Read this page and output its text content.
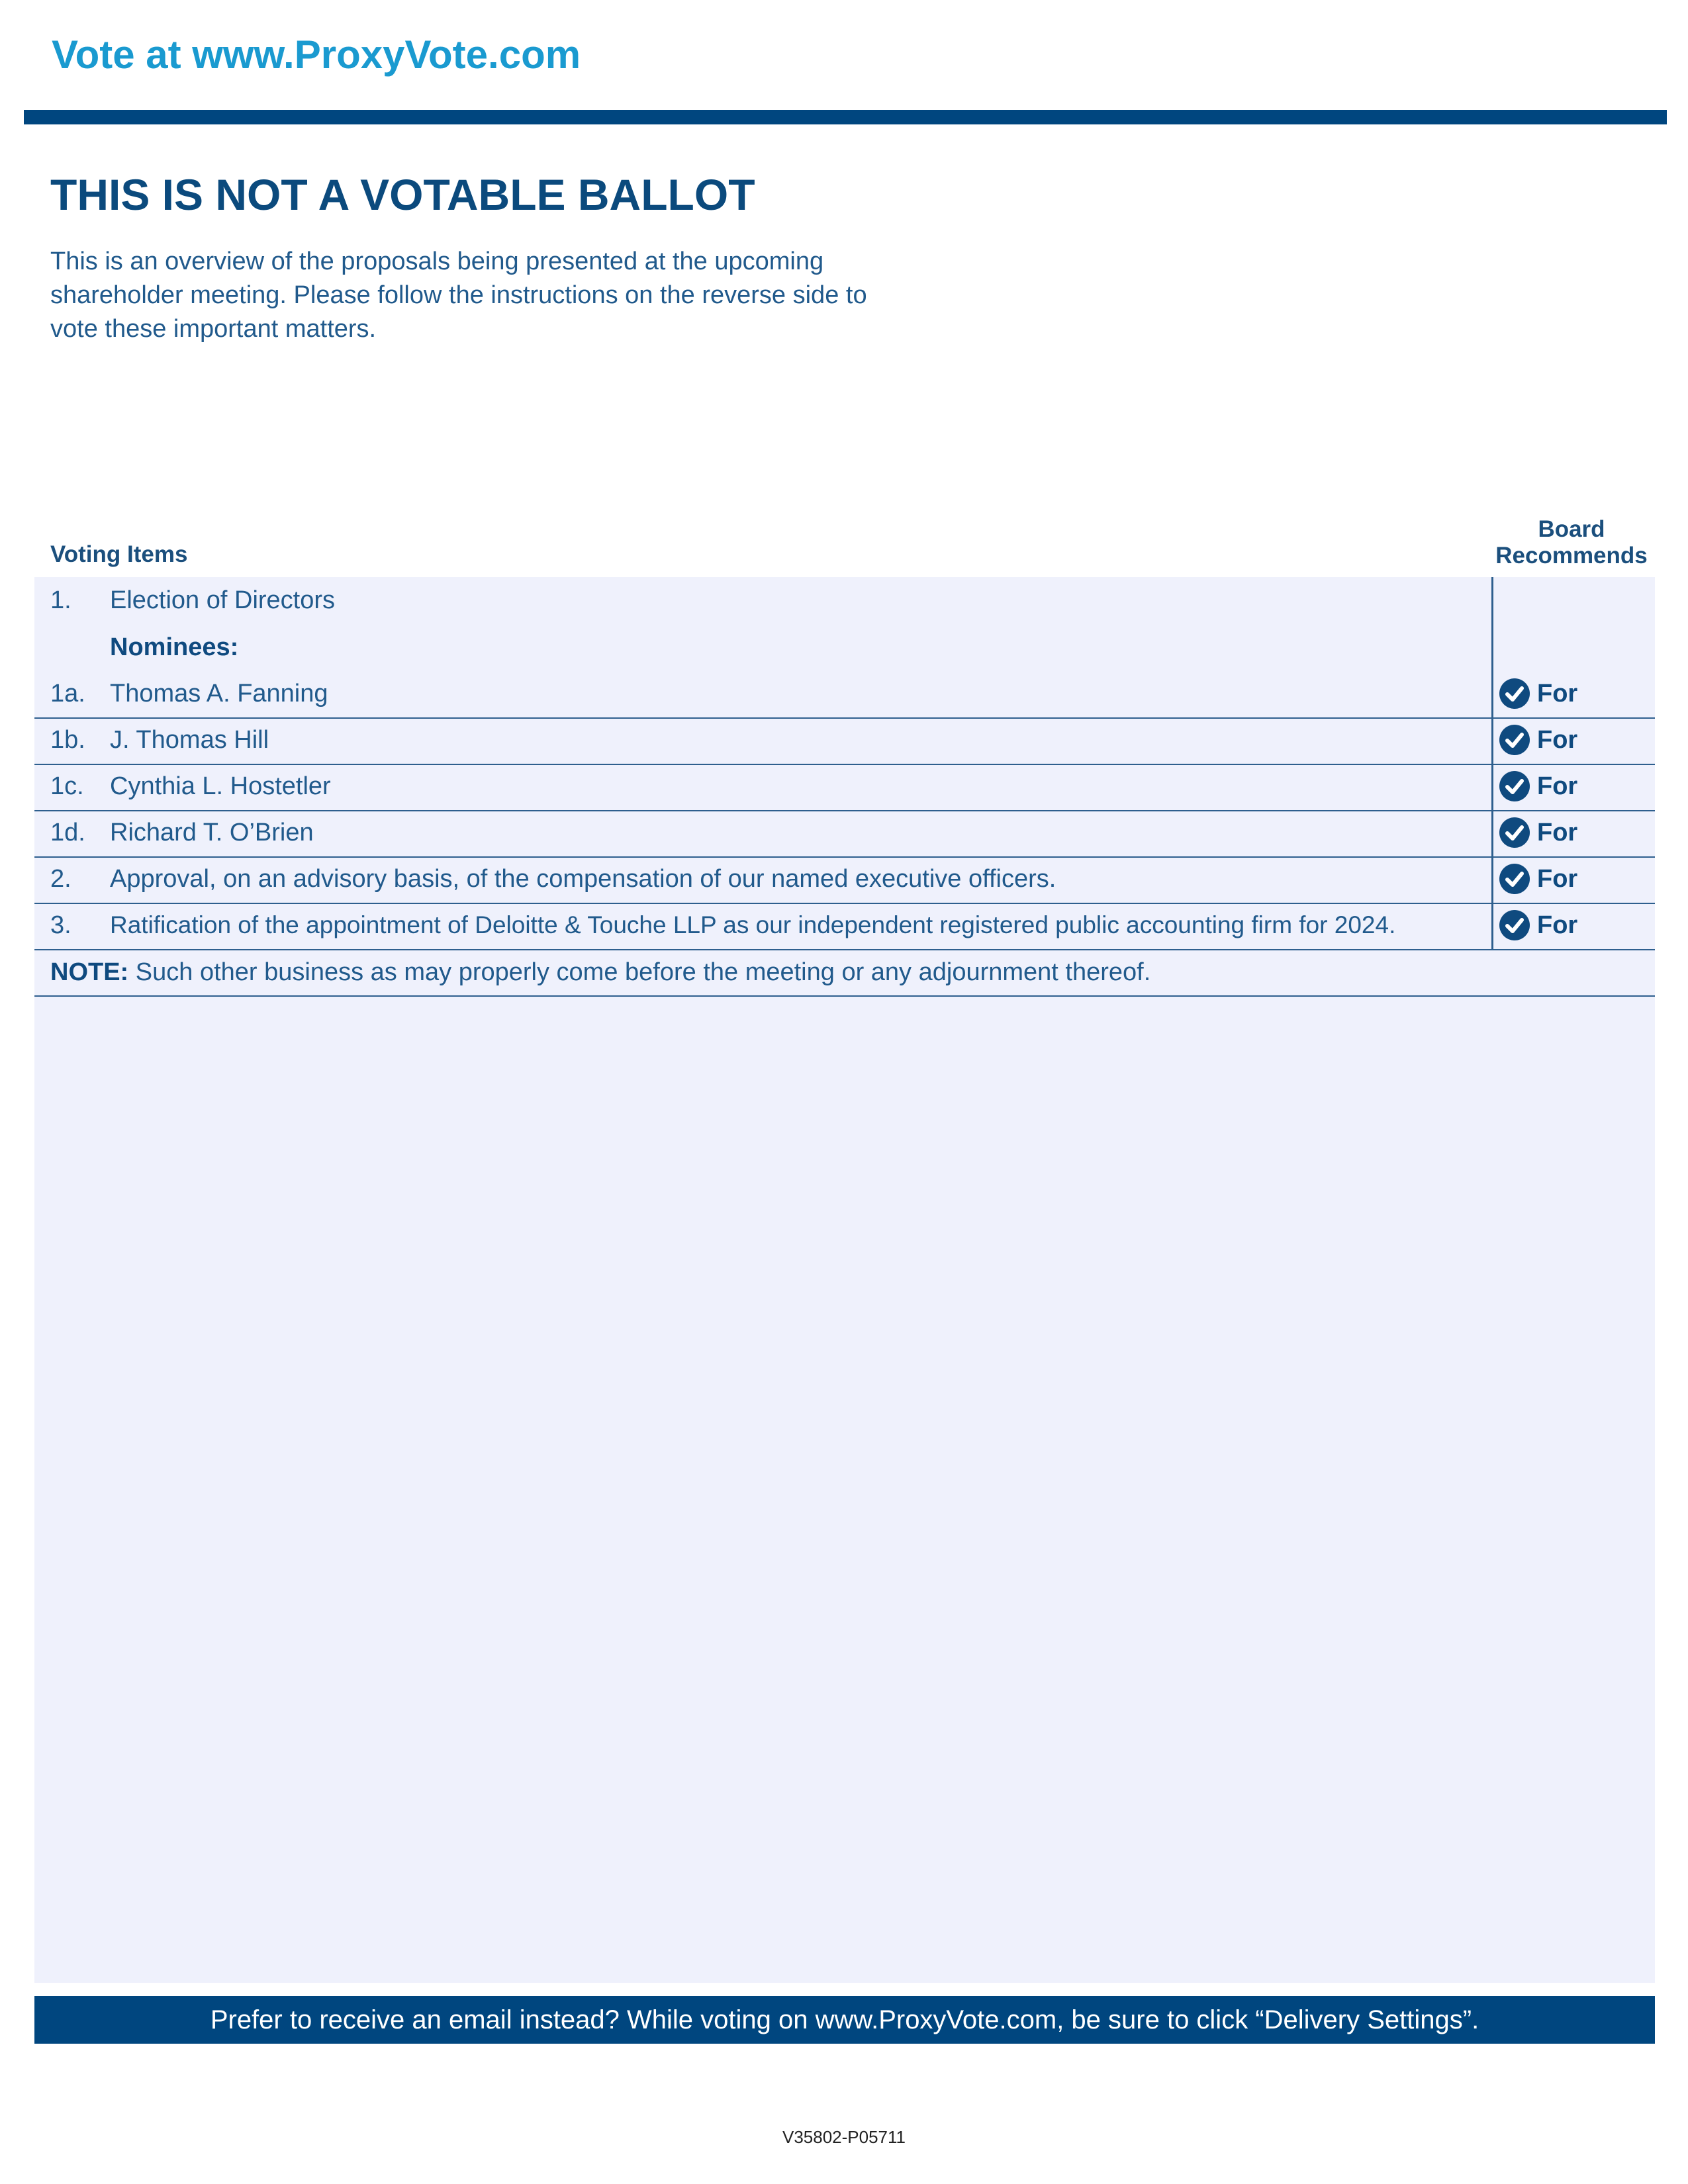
Vote at www.ProxyVote.com
THIS IS NOT A VOTABLE BALLOT
This is an overview of the proposals being presented at the upcoming shareholder meeting. Please follow the instructions on the reverse side to vote these important matters.
Voting Items
Board
Recommends
1. Election of Directors
Nominees:
1a. Thomas A. Fanning	For
1b. J. Thomas Hill	For
1c. Cynthia L. Hostetler	For
1d. Richard T. O’Brien	For
2. Approval, on an advisory basis, of the compensation of our named executive officers.	For
3. Ratification of the appointment of Deloitte & Touche LLP as our independent registered public accounting firm for 2024.	For
NOTE: Such other business as may properly come before the meeting or any adjournment thereof.
Prefer to receive an email instead? While voting on www.ProxyVote.com, be sure to click “Delivery Settings”.
V35802-P05711
